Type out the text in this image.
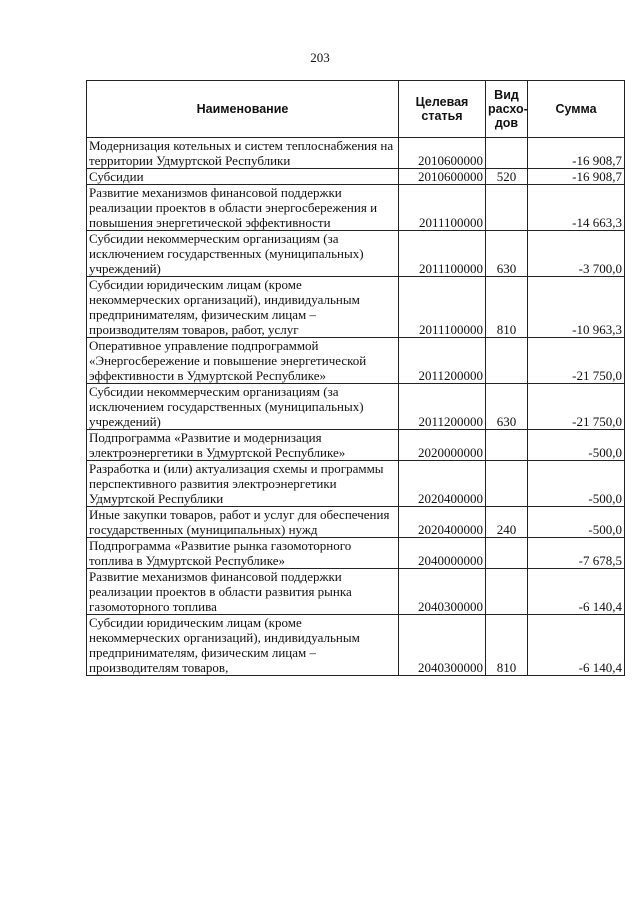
203
Наименование	Целевая статья	Вид расхо-дов	Сумма
Модернизация котельных и систем теплоснабжения на территории Удмуртской Республики	2010600000		-16 908,7
Субсидии	2010600000	520	-16 908,7
Развитие механизмов финансовой поддержки реализации проектов в области энергосбережения и повышения энергетической эффективности	2011100000		-14 663,3
Субсидии некоммерческим организациям (за исключением государственных (муниципальных) учреждений)	2011100000	630	-3 700,0
Субсидии юридическим лицам (кроме некоммерческих организаций), индивидуальным предпринимателям, физическим лицам – производителям товаров, работ, услуг	2011100000	810	-10 963,3
Оперативное управление подпрограммой «Энергосбережение и повышение энергетической эффективности в Удмуртской Республике»	2011200000		-21 750,0
Субсидии некоммерческим организациям (за исключением государственных (муниципальных) учреждений)	2011200000	630	-21 750,0
Подпрограмма «Развитие и модернизация электроэнергетики в Удмуртской Республике»	2020000000		-500,0
Разработка и (или) актуализация схемы и программы перспективного развития электроэнергетики Удмуртской Республики	2020400000		-500,0
Иные закупки товаров, работ и услуг для обеспечения государственных (муниципальных) нужд	2020400000	240	-500,0
Подпрограмма «Развитие рынка газомоторного топлива в Удмуртской Республике»	2040000000		-7 678,5
Развитие механизмов финансовой поддержки реализации проектов в области развития рынка газомоторного топлива	2040300000		-6 140,4
Субсидии юридическим лицам (кроме некоммерческих организаций), индивидуальным предпринимателям, физическим лицам – производителям товаров,	2040300000	810	-6 140,4
